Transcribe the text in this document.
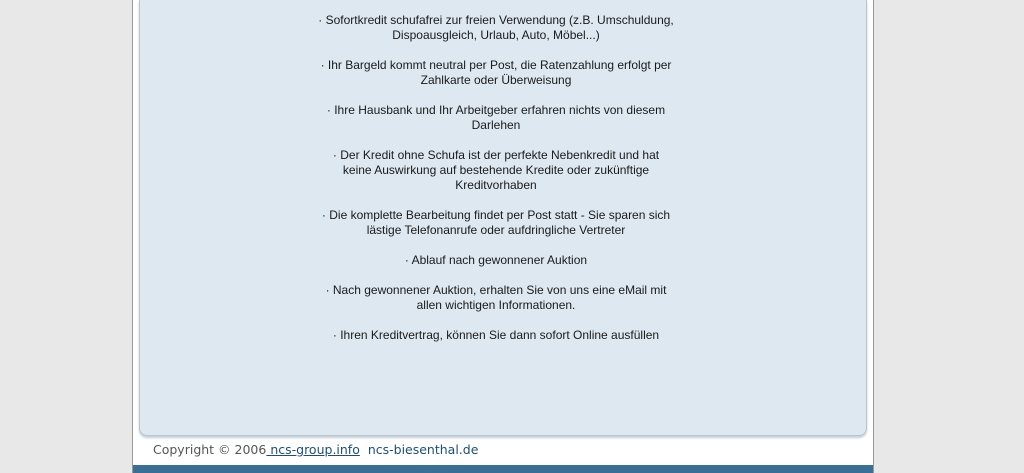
· Sofortkredit schufafrei zur freien Verwendung (z.B. Umschuldung, Dispoausgleich, Urlaub, Auto, Möbel...)

· Ihr Bargeld kommt neutral per Post, die Ratenzahlung erfolgt per Zahlkarte oder Überweisung

· Ihre Hausbank und Ihr Arbeitgeber erfahren nichts von diesem Darlehen

· Der Kredit ohne Schufa ist der perfekte Nebenkredit und hat keine Auswirkung auf bestehende Kredite oder zukünftige Kreditvorhaben

· Die komplette Bearbeitung findet per Post statt - Sie sparen sich lästige Telefonanrufe oder aufdringliche Vertreter

· Ablauf nach gewonnener Auktion

· Nach gewonnener Auktion, erhalten Sie von uns eine eMail mit allen wichtigen Informationen.

· Ihren Kreditvertrag, können Sie dann sofort Online ausfüllen

Copyright © 2006 ncs-group.info ncs-biesenthal.de
